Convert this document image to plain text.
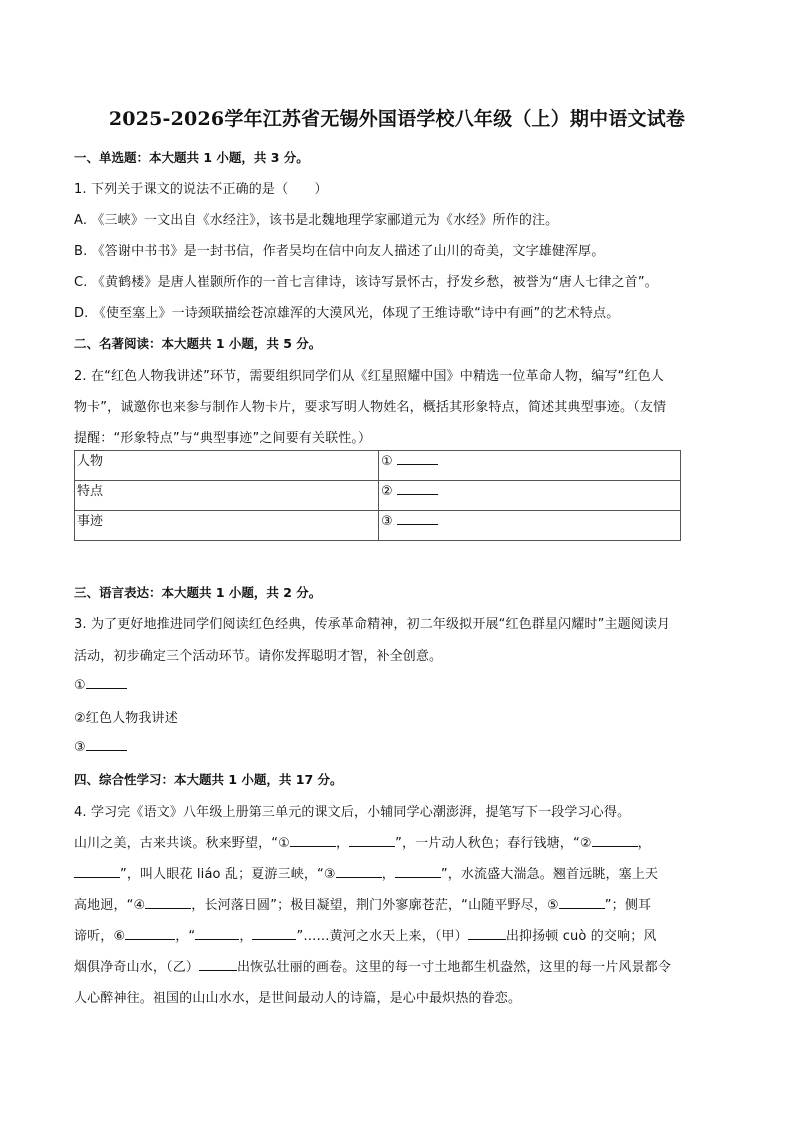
2025-2026学年江苏省无锡外国语学校八年级（上）期中语文试卷
一、单选题：本大题共 1 小题，共 3 分。
1. 下列关于课文的说法不正确的是（　　）
A. 《三峡》一文出自《水经注》，该书是北魏地理学家郦道元为《水经》所作的注。
B. 《答谢中书书》是一封书信，作者吴均在信中向友人描述了山川的奇美，文字雄健浑厚。
C. 《黄鹤楼》是唐人崔颢所作的一首七言律诗，该诗写景怀古，抒发乡愁，被誉为“唐人七律之首”。
D. 《使至塞上》一诗颈联描绘苍凉雄浑的大漠风光，体现了王维诗歌“诗中有画”的艺术特点。
二、名著阅读：本大题共 1 小题，共 5 分。
2. 在“红色人物我讲述”环节，需要组织同学们从《红星照耀中国》中精选一位革命人物，编写“红色人
物卡”，诚邀你也来参与制作人物卡片，要求写明人物姓名，概括其形象特点，简述其典型事迹。（友情
提醒：“形象特点”与“典型事迹”之间要有关联性。）
人物	①
特点	②
事迹	③
三、语言表达：本大题共 1 小题，共 2 分。
3. 为了更好地推进同学们阅读红色经典，传承革命精神，初二年级拟开展“红色群星闪耀时”主题阅读月
活动，初步确定三个活动环节。请你发挥聪明才智，补全创意。
①
②红色人物我讲述
③
四、综合性学习：本大题共 1 小题，共 17 分。
4. 学习完《语文》八年级上册第三单元的课文后，小辅同学心潮澎湃，提笔写下一段学习心得。
山川之美，古来共谈。秋来野望，“①	，	”，一片动人秋色；春行钱塘，“②	，
”，叫人眼花 liáo 乱；夏游三峡，“③	，	”，水流盛大湍急。翘首远眺，塞上天
高地迥，“④	，长河落日圆”；极目凝望，荆门外寥廓苍茫，“山随平野尽，⑤	”；侧耳
谛听，⑥	，“	，	”……黄河之水天上来，（甲）	出抑扬顿 cuò 的交响；风
烟俱净奇山水，（乙）	出恢弘壮丽的画卷。这里的每一寸土地都生机盎然，这里的每一片风景都令
人心醉神往。祖国的山山水水，是世间最动人的诗篇，是心中最炽热的眷恋。
